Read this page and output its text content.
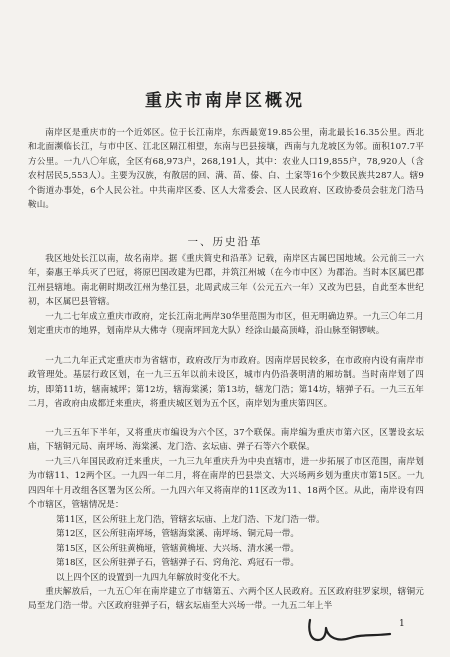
重庆市南岸区概况

南岸区是重庆市的一个近郊区。位于长江南岸，东西最宽19.85公里，南北最长16.35公里。西北和北面濒临长江，与市中区、江北区隔江相望，东南与巴县接壤，西南与九龙坡区为邻。面积107.7平方公里。一九八〇年底，全区有68,973户，268,191人，其中：农业人口19,855户，78,920人（含农村居民5,553人）。主要为汉族，有散居的回、满、苗、傣、白、土家等16个少数民族共287人。辖9个街道办事处，6个人民公社。中共南岸区委、区人大常委会、区人民政府、区政协委员会驻龙门浩马鞍山。

一、历史沿革

我区地处长江以南，故名南岸。据《重庆简史和沿革》记载，南岸区古属巴国地域。公元前三一六年，秦惠王举兵灭了巴冠，将原巴国改建为巴郡，并筑江州城（在今市中区）为郡治。当时本区属巴郡江州县辖地。南北朝时期改江州为垫江县，北周武成三年（公元五六一年）又改为巴县，自此至本世纪初，本区属巴县管辖。

一九二七年成立重庆市政府，定长江南北两岸30华里范围为市区，但无明确边界。一九三〇年二月划定重庆市的地界，划南岸从大佛寺（现南坪回龙大队）经涂山最高顶峰，沿山脉至铜锣峡。

一九二九年正式定重庆市为省辖市，政府改厅为市政府。因南岸居民较多，在市政府内设有南岸市政管理处。基层行政区划，在一九三五年以前未设区，城市内仍沿袭明清的厢坊制。当时南岸划了四坊，即第11坊，辖南城坪；第12坊，辖海棠溪；第13坊，辖龙门浩；第14坊，辖弹子石。一九三五年二月，省政府由成都迁来重庆，将重庆城区划为五个区，南岸划为重庆第四区。

一九三五年下半年，又将重庆市编设为六个区，37个联保。南岸编为重庆市第六区，区署设玄坛庙，下辖铜元局、南坪场、海棠溪、龙门浩、玄坛庙、弹子石等六个联保。

一九三八年国民政府迁来重庆，一九三九年重庆升为中央直辖市，进一步拓展了市区范围，南岸划为市辖11、12两个区。一九四一年二月，将在南岸的巴县崇文、大兴场两乡划为重庆市第15区。一九四四年十月改组各区署为区公所。一九四六年又将南岸的11区改为11、18两个区。从此，南岸设有四个市辖区，管辖情况是：

第11区，区公所驻上龙门浩，管辖玄坛庙、上龙门浩、下龙门浩一带。
第12区，区公所驻南坪场，管辖海棠溪、南坪场、铜元局一带。
第15区，区公所驻黄桷垭，管辖黄桷垭、大兴场、清水溪一带。
第18区，区公所驻弹子石，管辖弹子石、窍角沱、鸡冠石一带。
以上四个区的设置到一九四九年解放时变化不大。

重庆解放后，一九五〇年在南岸建立了市辖第五、六两个区人民政府。五区政府驻罗家坝，辖铜元局至龙门浩一带。六区政府驻弹子石，辖玄坛庙至大兴场一带。一九五二年上半

1
